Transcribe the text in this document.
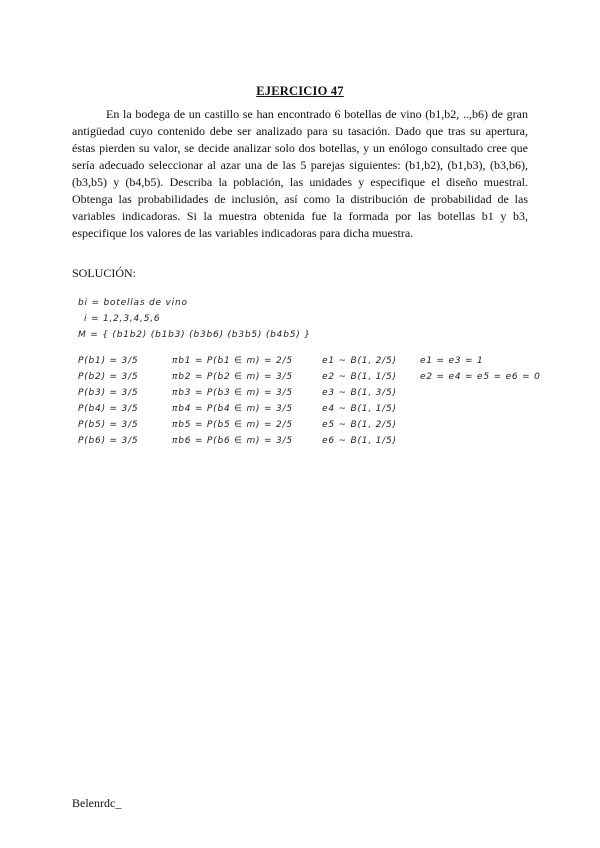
EJERCICIO 47

En la bodega de un castillo se han encontrado 6 botellas de vino (b1,b2, ..,b6) de gran antigüedad cuyo contenido debe ser analizado para su tasación. Dado que tras su apertura, éstas pierden su valor, se decide analizar solo dos botellas, y un enólogo consultado cree que sería adecuado seleccionar al azar una de las 5 parejas siguientes: (b1,b2), (b1,b3), (b3,b6), (b3,b5) y (b4,b5). Describa la población, las unidades y especifique el diseño muestral. Obtenga las probabilidades de inclusión, así como la distribución de probabilidad de las variables indicadoras. Si la muestra obtenida fue la formada por las botellas b1 y b3, especifique los valores de las variables indicadoras para dicha muestra.

SOLUCIÓN:
bi = botellas de vino
i = 1,2,3,4,5,6
M = { (b1b2) (b1b3) (b3b6) (b3b5) (b4b5) }
P(b1) = 3/5
P(b2) = 3/5
P(b3) = 3/5
P(b4) = 3/5
P(b5) = 3/5
P(b6) = 3/5
πb1 = P(b1 ∈ m) = 2/5
πb2 = P(b2 ∈ m) = 3/5
πb3 = P(b3 ∈ m) = 3/5
πb4 = P(b4 ∈ m) = 3/5
πb5 = P(b5 ∈ m) = 2/5
πb6 = P(b6 ∈ m) = 3/5
e1 ~ B(1, 2/5)
e2 ~ B(1, 1/5)
e3 ~ B(1, 3/5)
e4 ~ B(1, 1/5)
e5 ~ B(1, 2/5)
e6 ~ B(1, 1/5)
e1 = e3 = 1
e2 = e4 = e5 = e6 = 0
Belenrdc_
